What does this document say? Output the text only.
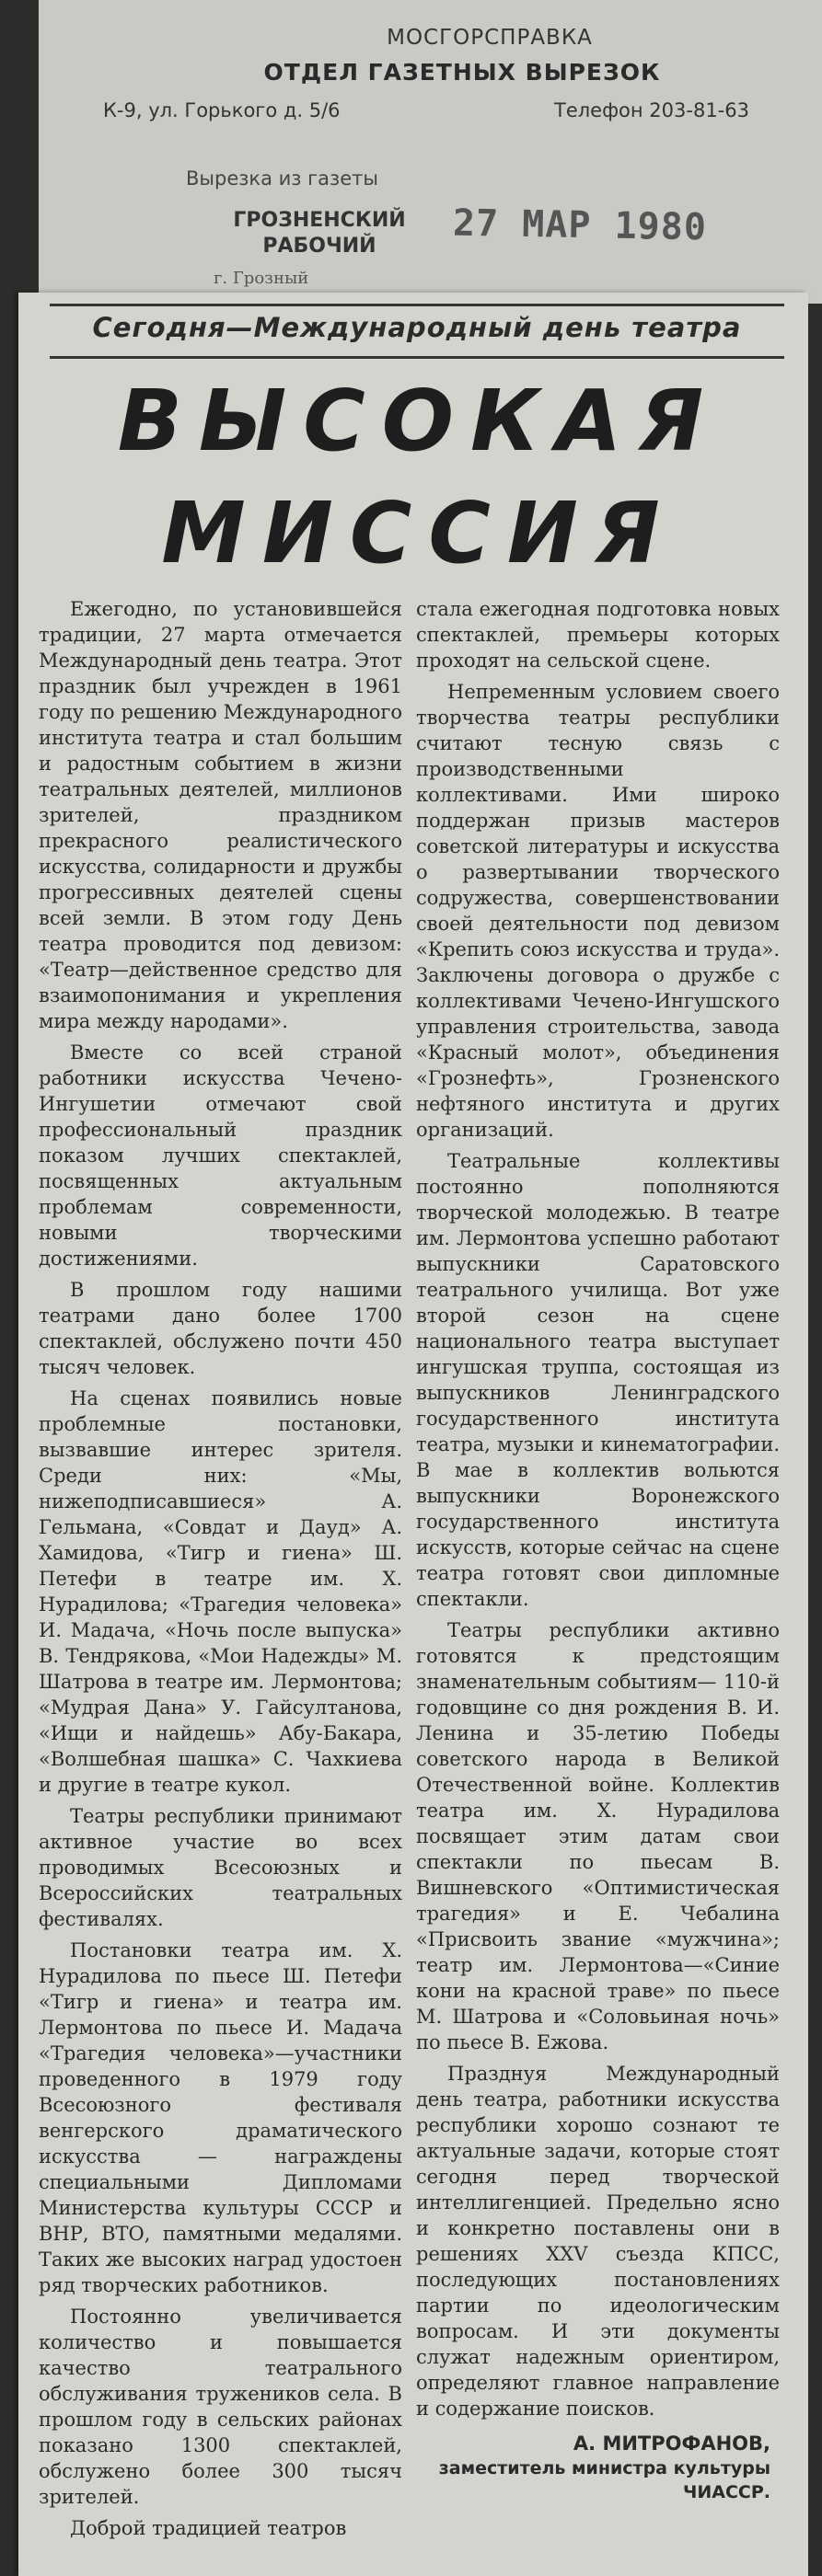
МОСГОРСПРАВКА
ОТДЕЛ ГАЗЕТНЫХ ВЫРЕЗОК
К-9, ул. Горького д. 5/6	Телефон 203-81-63
Вырезка из газеты
ГРОЗНЕНСКИЙ РАБОЧИЙ	27 МАР 1980
г. Грозный
Сегодня—Международный день театра
ВЫСОКАЯ
МИССИЯ

Ежегодно, по установившейся традиции, 27 марта отмечается Международный день театра. Этот праздник был учрежден в 1961 году по решению Международного института театра и стал большим и радостным событием в жизни театральных деятелей, миллионов зрителей, праздником прекрасного реалистического искусства, солидарности и дружбы прогрессивных деятелей сцены всей земли. В этом году День театра проводится под девизом: «Театр—действенное средство для взаимопонимания и укрепления мира между народами».

Вместе со всей страной работники искусства Чечено-Ингушетии отмечают свой профессиональный праздник показом лучших спектаклей, посвященных актуальным проблемам современности, новыми творческими достижениями.

В прошлом году нашими театрами дано более 1700 спектаклей, обслужено почти 450 тысяч человек.

На сценах появились новые проблемные постановки, вызвавшие интерес зрителя. Среди них: «Мы, нижеподписавшиеся» А. Гельмана, «Совдат и Дауд» А. Хамидова, «Тигр и гиена» Ш. Петефи в театре им. Х. Нурадилова; «Трагедия человека» И. Мадача, «Ночь после выпуска» В. Тендрякова, «Мои Надежды» М. Шатрова в театре им. Лермонтова; «Мудрая Дана» У. Гайсултанова, «Ищи и найдешь» Абу-Бакара, «Волшебная шашка» С. Чахкиева и другие в театре кукол.

Театры республики принимают активное участие во всех проводимых Всесоюзных и Всероссийских театральных фестивалях.

Постановки театра им. Х. Нурадилова по пьесе Ш. Петефи «Тигр и гиена» и театра им. Лермонтова по пьесе И. Мадача «Трагедия человека»—участники проведенного в 1979 году Всесоюзного фестиваля венгерского драматического искусства — награждены специальными Дипломами Министерства культуры СССР и ВНР, ВТО, памятными медалями. Таких же высоких наград удостоен ряд творческих работников.

Постоянно увеличивается количество и повышается качество театрального обслуживания тружеников села. В прошлом году в сельских районах показано 1300 спектаклей, обслужено более 300 тысяч зрителей.

Доброй традицией театров

стала ежегодная подготовка новых спектаклей, премьеры которых проходят на сельской сцене.

Непременным условием своего творчества театры республики считают тесную связь с производственными коллективами. Ими широко поддержан призыв мастеров советской литературы и искусства о развертывании творческого содружества, совершенствовании своей деятельности под девизом «Крепить союз искусства и труда». Заключены договора о дружбе с коллективами Чечено-Ингушского управления строительства, завода «Красный молот», объединения «Грознефть», Грозненского нефтяного института и других организаций.

Театральные коллективы постоянно пополняются творческой молодежью. В театре им. Лермонтова успешно работают выпускники Саратовского театрального училища. Вот уже второй сезон на сцене национального театра выступает ингушская труппа, состоящая из выпускников Ленинградского государственного института театра, музыки и кинематографии. В мае в коллектив вольются выпускники Воронежского государственного института искусств, которые сейчас на сцене театра готовят свои дипломные спектакли.

Театры республики активно готовятся к предстоящим знаменательным событиям— 110-й годовщине со дня рождения В. И. Ленина и 35-летию Победы советского народа в Великой Отечественной войне. Коллектив театра им. Х. Нурадилова посвящает этим датам свои спектакли по пьесам В. Вишневского «Оптимистическая трагедия» и Е. Чебалина «Присвоить звание «мужчина»; театр им. Лермонтова—«Синие кони на красной траве» по пьесе М. Шатрова и «Соловьиная ночь» по пьесе В. Ежова.

Празднуя Международный день театра, работники искусства республики хорошо сознают те актуальные задачи, которые стоят сегодня перед творческой интеллигенцией. Предельно ясно и конкретно поставлены они в решениях XXV съезда КПСС, последующих постановлениях партии по идеологическим вопросам. И эти документы служат надежным ориентиром, определяют главное направление и содержание поисков.

А. МИТРОФАНОВ,
заместитель министра культуры ЧИАССР.
